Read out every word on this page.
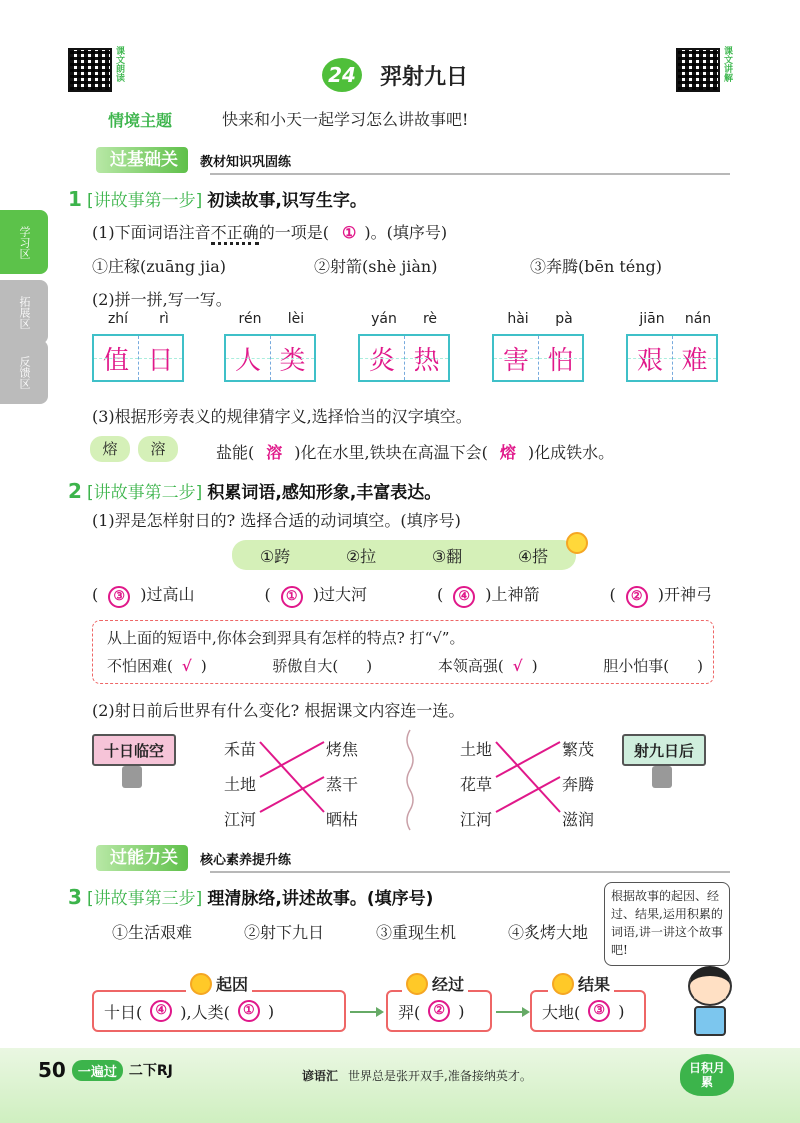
课文朗读	课文讲解
24 羿射九日
情境主题	快来和小天一起学习怎么讲故事吧!
学习区
拓展区
反馈区
过基础关	教材知识巩固练
1 [讲故事第一步] 初读故事,识写生字。
(1)下面词语注音不正确的一项是( ① )。(填序号)
①庄稼(zuāng jia)	②射箭(shè jiàn)	③奔腾(bēn téng)
(2)拼一拼,写一写。
zhí	rì
值 日
rén	lèi
人 类
yán	rè
炎 热
hài	pà
害 怕
jiān	nán
艰 难
(3)根据形旁表义的规律猜字义,选择恰当的汉字填空。
熔	溶	盐能( 溶 )化在水里,铁块在高温下会( 熔 )化成铁水。
2 [讲故事第二步] 积累词语,感知形象,丰富表达。
(1)羿是怎样射日的? 选择合适的动词填空。(填序号)
①跨	②拉	③翻	④搭
( ③ )过高山	( ① )过大河	( ④ )上神箭	( ② )开神弓
从上面的短语中,你体会到羿具有怎样的特点? 打“√”。
不怕困难( √ )	骄傲自大( )	本领高强( √ )	胆小怕事( )
(2)射日前后世界有什么变化? 根据课文内容连一连。
十日临空	射九日后
禾苗
土地
江河
烤焦
蒸干
晒枯
土地
花草
江河
繁茂
奔腾
滋润
过能力关	核心素养提升练
3 [讲故事第三步] 理清脉络,讲述故事。(填序号)
①生活艰难	②射下九日	③重现生机	④炙烤大地
根据故事的起因、经过、结果,运用积累的词语,讲一讲这个故事吧!
十日(	④ ),人类(	① )
起因
羿(	② )
经过
大地(	③ )
结果
50 一遍过 二下RJ	谚语汇 世界总是张开双手,准备接纳英才。
日积月累
